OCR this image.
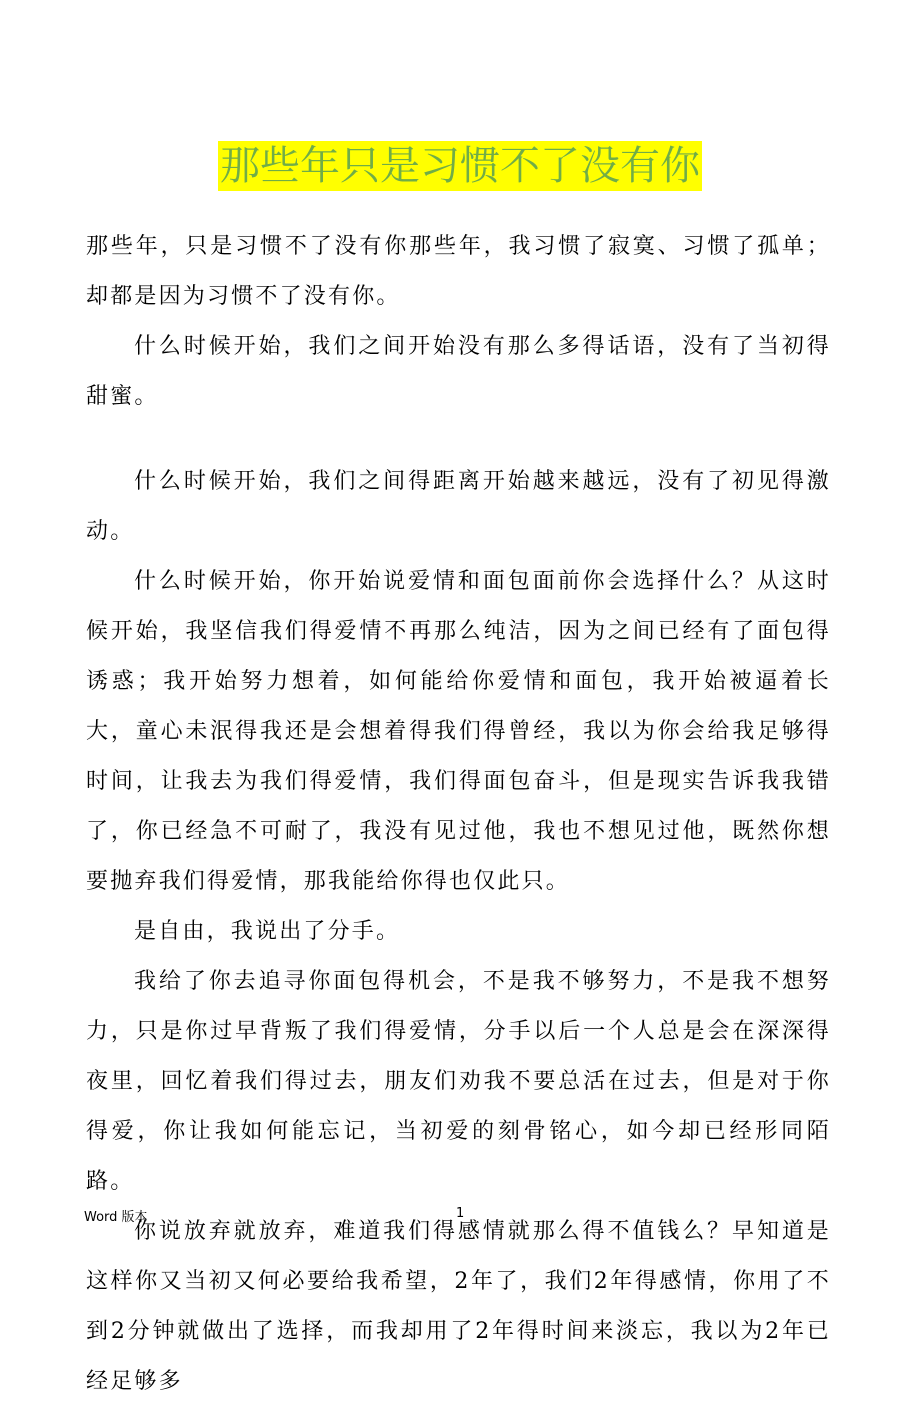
那些年只是习惯不了没有你

那些年，只是习惯不了没有你那些年，我习惯了寂寞、习惯了孤单；却都是因为习惯不了没有你。

什么时候开始，我们之间开始没有那么多得话语，没有了当初得甜蜜。

什么时候开始，我们之间得距离开始越来越远，没有了初见得激动。

什么时候开始，你开始说爱情和面包面前你会选择什么？从这时候开始，我坚信我们得爱情不再那么纯洁，因为之间已经有了面包得诱惑；我开始努力想着，如何能给你爱情和面包，我开始被逼着长大，童心未泯得我还是会想着得我们得曾经，我以为你会给我足够得时间，让我去为我们得爱情，我们得面包奋斗，但是现实告诉我我错了，你已经急不可耐了，我没有见过他，我也不想见过他，既然你想要抛弃我们得爱情，那我能给你得也仅此只。

是自由，我说出了分手。

我给了你去追寻你面包得机会，不是我不够努力，不是我不想努力，只是你过早背叛了我们得爱情，分手以后一个人总是会在深深得夜里，回忆着我们得过去，朋友们劝我不要总活在过去，但是对于你得爱，你让我如何能忘记，当初爱的刻骨铭心，如今却已经形同陌路。

你说放弃就放弃，难道我们得感情就那么得不值钱么？早知道是这样你又当初又何必要给我希望，2年了，我们2年得感情，你用了不到2分钟就做出了选择，而我却用了2年得时间来淡忘，我以为2年已经足够多

Word 版本	1
